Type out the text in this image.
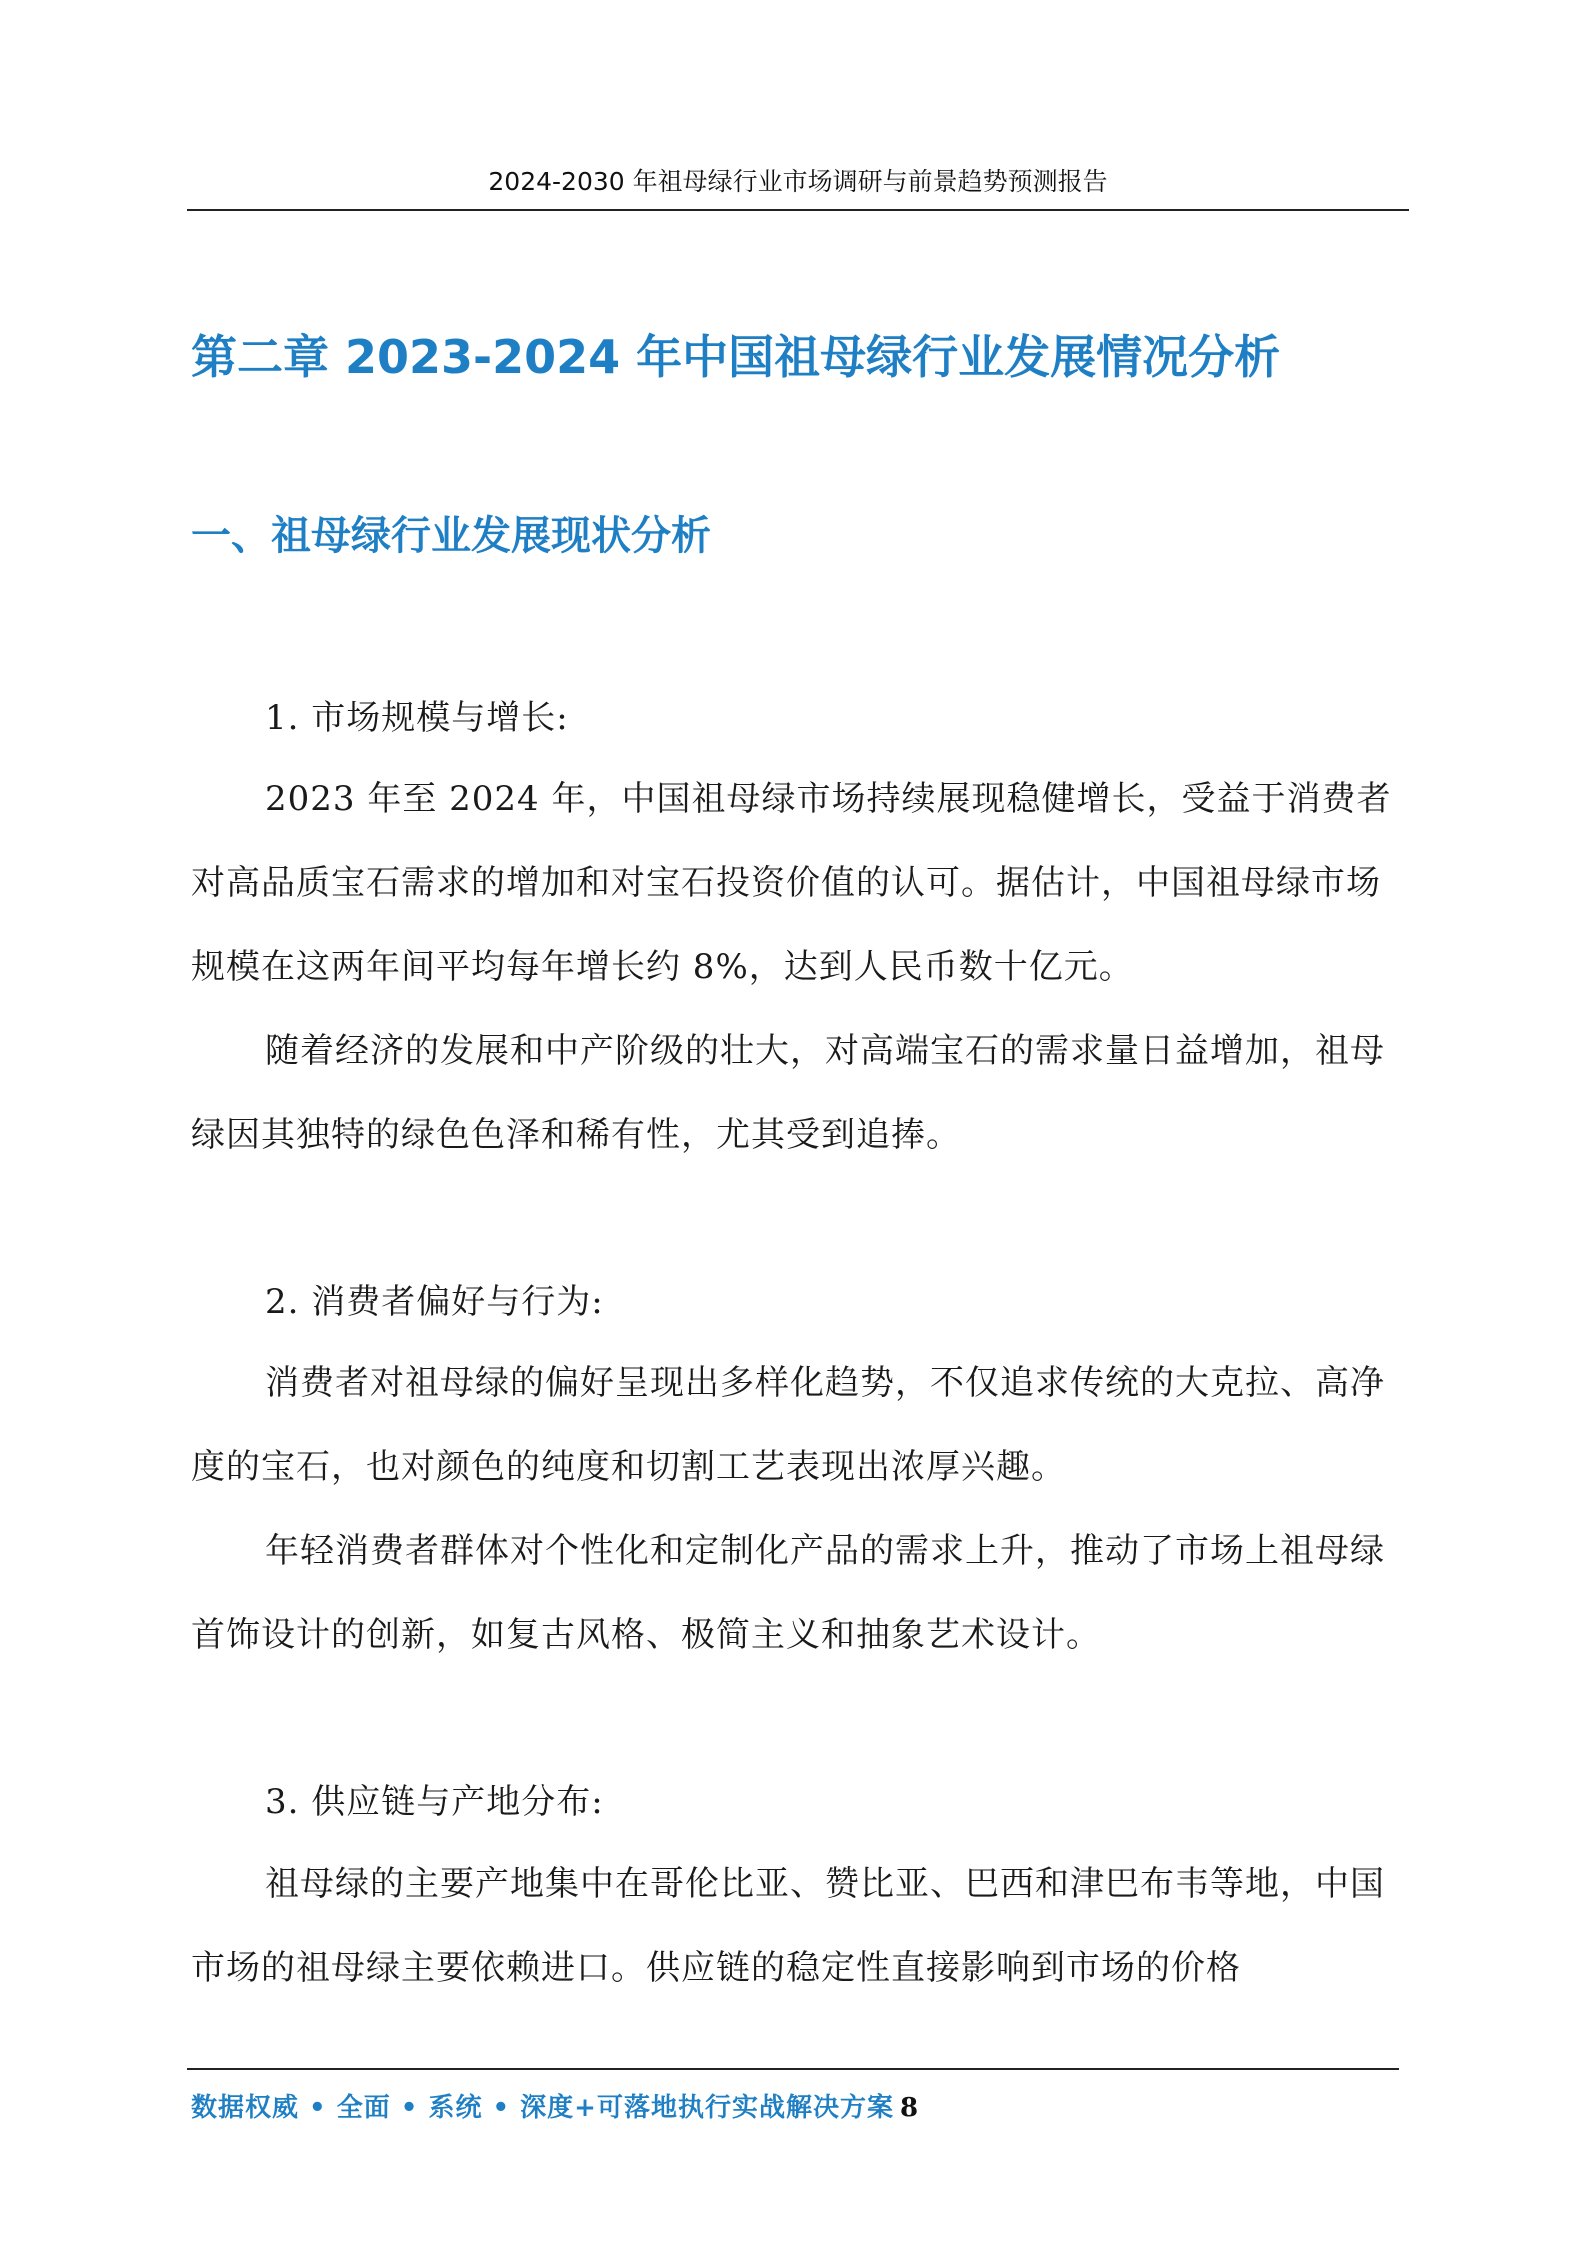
2024-2030 年祖母绿行业市场调研与前景趋势预测报告

第二章 2023-2024 年中国祖母绿行业发展情况分析
一、祖母绿行业发展现状分析

1. 市场规模与增长:

2023 年至 2024 年，中国祖母绿市场持续展现稳健增长，受益于消费者对高品质宝石需求的增加和对宝石投资价值的认可。据估计，中国祖母绿市场规模在这两年间平均每年增长约 8%，达到人民币数十亿元。

随着经济的发展和中产阶级的壮大，对高端宝石的需求量日益增加，祖母绿因其独特的绿色色泽和稀有性，尤其受到追捧。

2. 消费者偏好与行为:

消费者对祖母绿的偏好呈现出多样化趋势，不仅追求传统的大克拉、高净度的宝石，也对颜色的纯度和切割工艺表现出浓厚兴趣。

年轻消费者群体对个性化和定制化产品的需求上升，推动了市场上祖母绿首饰设计的创新，如复古风格、极简主义和抽象艺术设计。

3. 供应链与产地分布:

祖母绿的主要产地集中在哥伦比亚、赞比亚、巴西和津巴布韦等地，中国市场的祖母绿主要依赖进口。供应链的稳定性直接影响到市场的价格

数据权威 • 全面 • 系统 • 深度+可落地执行实战解决方案 8
